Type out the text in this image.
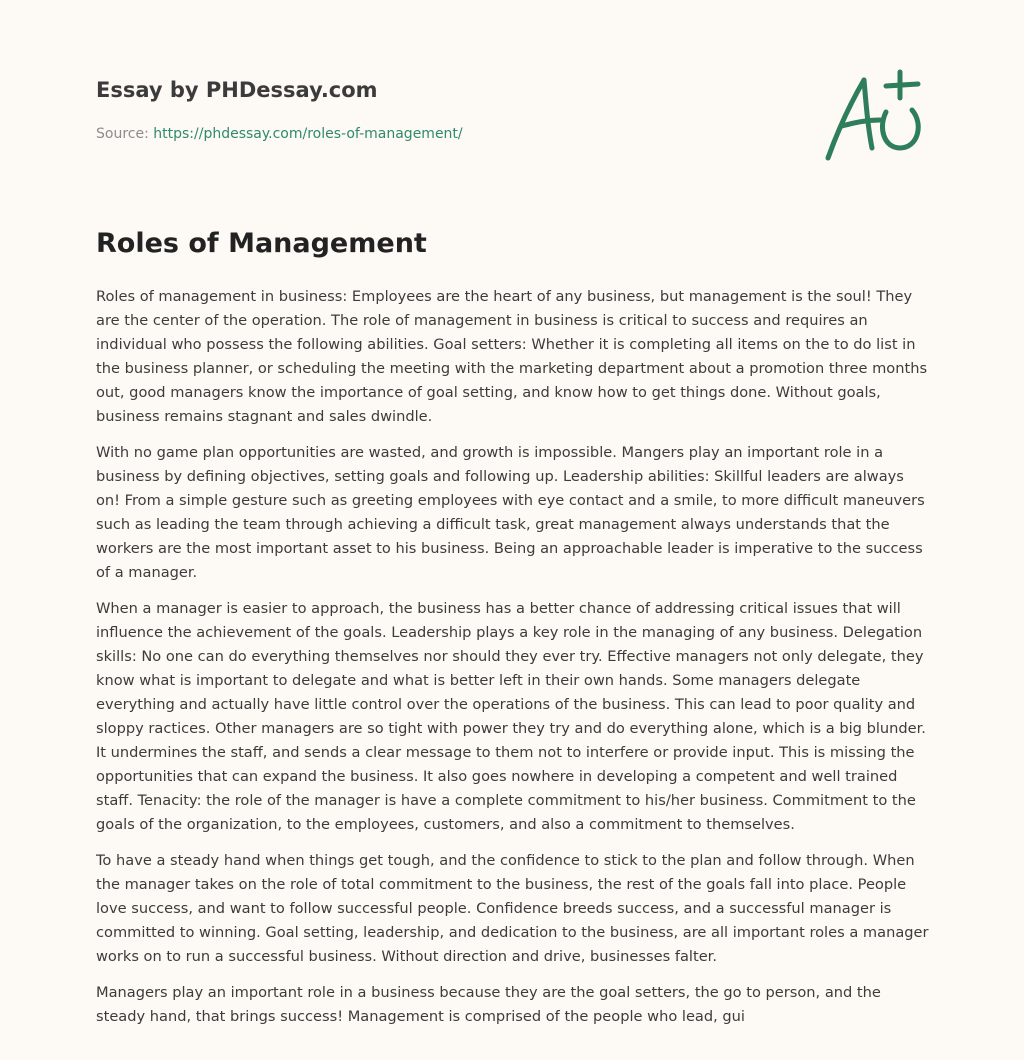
Essay by PHDessay.com
Source: https://phdessay.com/roles-of-management/
Roles of Management

Roles of management in business: Employees are the heart of any business, but management is the soul! They are the center of the operation. The role of management in business is critical to success and requires an individual who possess the following abilities. Goal setters: Whether it is completing all items on the to do list in the business planner, or scheduling the meeting with the marketing department about a promotion three months out, good managers know the importance of goal setting, and know how to get things done. Without goals, business remains stagnant and sales dwindle.

With no game plan opportunities are wasted, and growth is impossible. Mangers play an important role in a business by defining objectives, setting goals and following up. Leadership abilities: Skillful leaders are always on! From a simple gesture such as greeting employees with eye contact and a smile, to more difficult maneuvers such as leading the team through achieving a difficult task, great management always understands that the workers are the most important asset to his business. Being an approachable leader is imperative to the success of a manager.

When a manager is easier to approach, the business has a better chance of addressing critical issues that will influence the achievement of the goals. Leadership plays a key role in the managing of any business. Delegation skills: No one can do everything themselves nor should they ever try. Effective managers not only delegate, they know what is important to delegate and what is better left in their own hands. Some managers delegate everything and actually have little control over the operations of the business. This can lead to poor quality and sloppy ractices. Other managers are so tight with power they try and do everything alone, which is a big blunder. It undermines the staff, and sends a clear message to them not to interfere or provide input. This is missing the opportunities that can expand the business. It also goes nowhere in developing a competent and well trained staff. Tenacity: the role of the manager is have a complete commitment to his/her business. Commitment to the goals of the organization, to the employees, customers, and also a commitment to themselves.

To have a steady hand when things get tough, and the confidence to stick to the plan and follow through. When the manager takes on the role of total commitment to the business, the rest of the goals fall into place. People love success, and want to follow successful people. Confidence breeds success, and a successful manager is committed to winning. Goal setting, leadership, and dedication to the business, are all important roles a manager works on to run a successful business. Without direction and drive, businesses falter.

Managers play an important role in a business because they are the goal setters, the go to person, and the steady hand, that brings success! Management is comprised of the people who lead, gui
